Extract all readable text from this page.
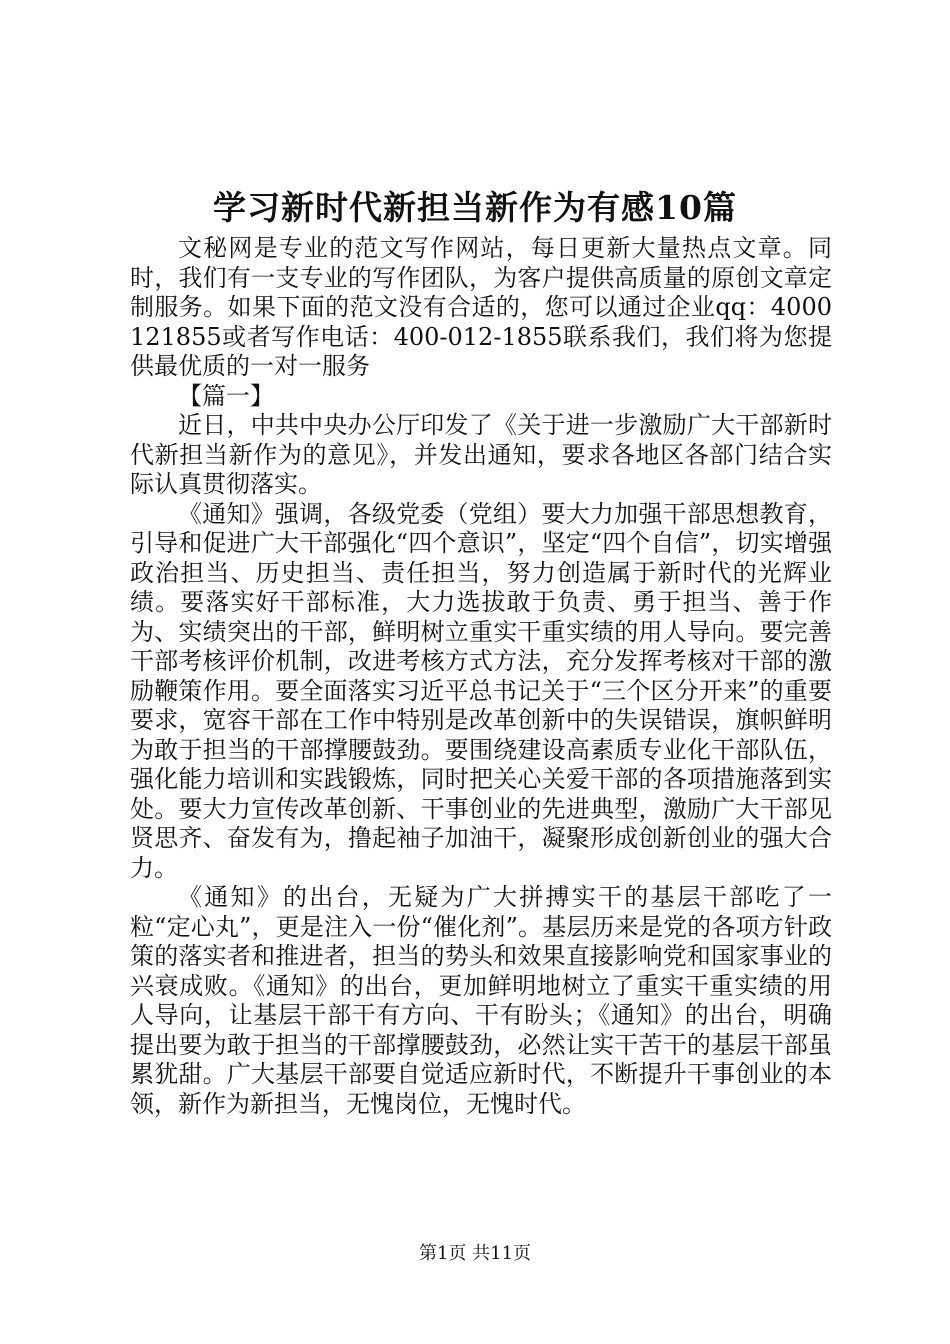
学习新时代新担当新作为有感10篇

文秘网是专业的范文写作网站，每日更新大量热点文章。同时，我们有一支专业的写作团队，为客户提供高质量的原创文章定制服务。如果下面的范文没有合适的，您可以通过企业qq：4000121855或者写作电话：400-012-1855联系我们，我们将为您提供最优质的一对一服务

【篇一】

近日，中共中央办公厅印发了《关于进一步激励广大干部新时代新担当新作为的意见》，并发出通知，要求各地区各部门结合实际认真贯彻落实。

《通知》强调，各级党委（党组）要大力加强干部思想教育，引导和促进广大干部强化“四个意识”，坚定“四个自信”，切实增强政治担当、历史担当、责任担当，努力创造属于新时代的光辉业绩。要落实好干部标准，大力选拔敢于负责、勇于担当、善于作为、实绩突出的干部，鲜明树立重实干重实绩的用人导向。要完善干部考核评价机制，改进考核方式方法，充分发挥考核对干部的激励鞭策作用。要全面落实习近平总书记关于“三个区分开来”的重要要求，宽容干部在工作中特别是改革创新中的失误错误，旗帜鲜明为敢于担当的干部撑腰鼓劲。要围绕建设高素质专业化干部队伍，强化能力培训和实践锻炼，同时把关心关爱干部的各项措施落到实处。要大力宣传改革创新、干事创业的先进典型，激励广大干部见贤思齐、奋发有为，撸起袖子加油干，凝聚形成创新创业的强大合力。

《通知》的出台，无疑为广大拼搏实干的基层干部吃了一粒“定心丸”，更是注入一份“催化剂”。基层历来是党的各项方针政策的落实者和推进者，担当的势头和效果直接影响党和国家事业的兴衰成败。《通知》的出台，更加鲜明地树立了重实干重实绩的用人导向，让基层干部干有方向、干有盼头；《通知》的出台，明确提出要为敢于担当的干部撑腰鼓劲，必然让实干苦干的基层干部虽累犹甜。广大基层干部要自觉适应新时代，不断提升干事创业的本领，新作为新担当，无愧岗位，无愧时代。

第1页 共11页
